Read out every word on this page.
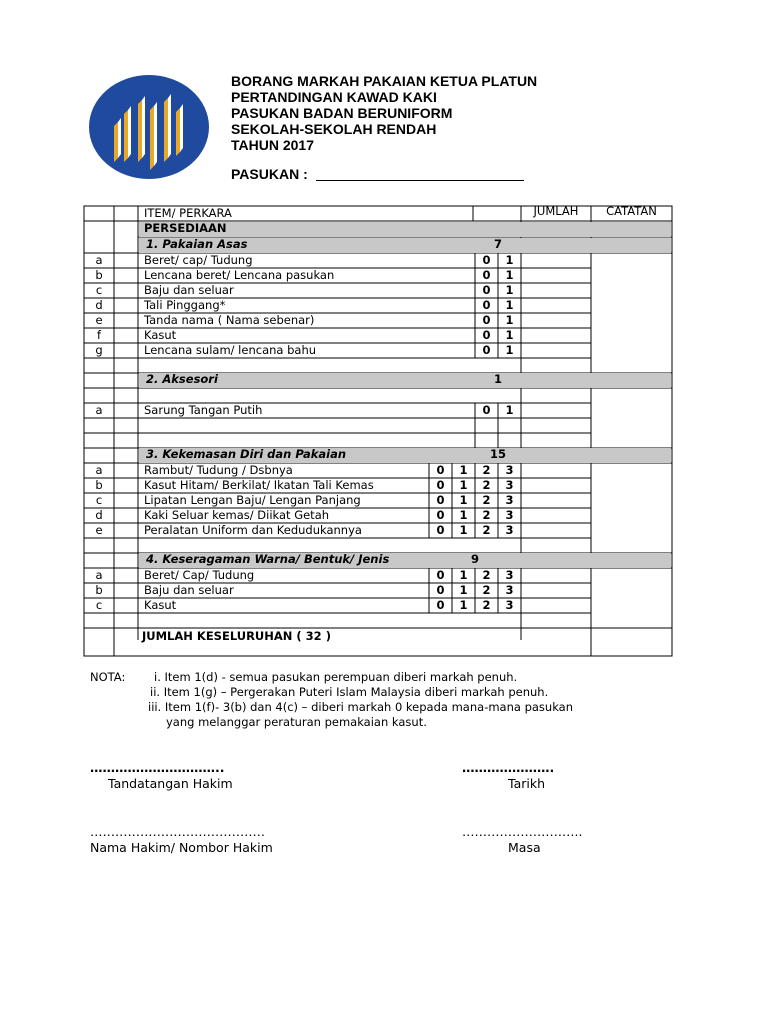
BORANG MARKAH PAKAIAN KETUA PLATUN
PERTANDINGAN KAWAD KAKI
PASUKAN BADAN BERUNIFORM
SEKOLAH-SEKOLAH RENDAH
TAHUN 2017
PASUKAN :
ITEM/ PERKARA	JUMLAH	CATATAN
PERSEDIAAN
1. Pakaian Asas	7
a	Beret/ cap/ Tudung	0	1
b	Lencana beret/ Lencana pasukan	0	1
c	Baju dan seluar	0	1
d	Tali Pinggang*	0	1
e	Tanda nama ( Nama sebenar)	0	1
f	Kasut	0	1
g	Lencana sulam/ lencana bahu	0	1
2. Aksesori	1
a	Sarung Tangan Putih	0	1
3. Kekemasan Diri dan Pakaian	15
a	Rambut/ Tudung / Dsbnya	0	1	2	3
b	Kasut Hitam/ Berkilat/ Ikatan Tali Kemas	0	1	2	3
c	Lipatan Lengan Baju/ Lengan Panjang	0	1	2	3
d	Kaki Seluar kemas/ Diikat Getah	0	1	2	3
e	Peralatan Uniform dan Kedudukannya	0	1	2	3
4. Keseragaman Warna/ Bentuk/ Jenis	9
a	Beret/ Cap/ Tudung	0	1	2	3
b	Baju dan seluar	0	1	2	3
c	Kasut	0	1	2	3
JUMLAH KESELURUHAN ( 32 )
NOTA: i. Item 1(d) - semua pasukan perempuan diberi markah penuh.
ii. Item 1(g) – Pergerakan Puteri Islam Malaysia diberi markah penuh.
iii. Item 1(f)- 3(b) dan 4(c) – diberi markah 0 kepada mana-mana pasukan
yang melanggar peraturan pemakaian kasut.
…………………………..
Tandatangan Hakim
………………….
Tarikh
……………………………………
Nama Hakim/ Nombor Hakim
………………………..
Masa
